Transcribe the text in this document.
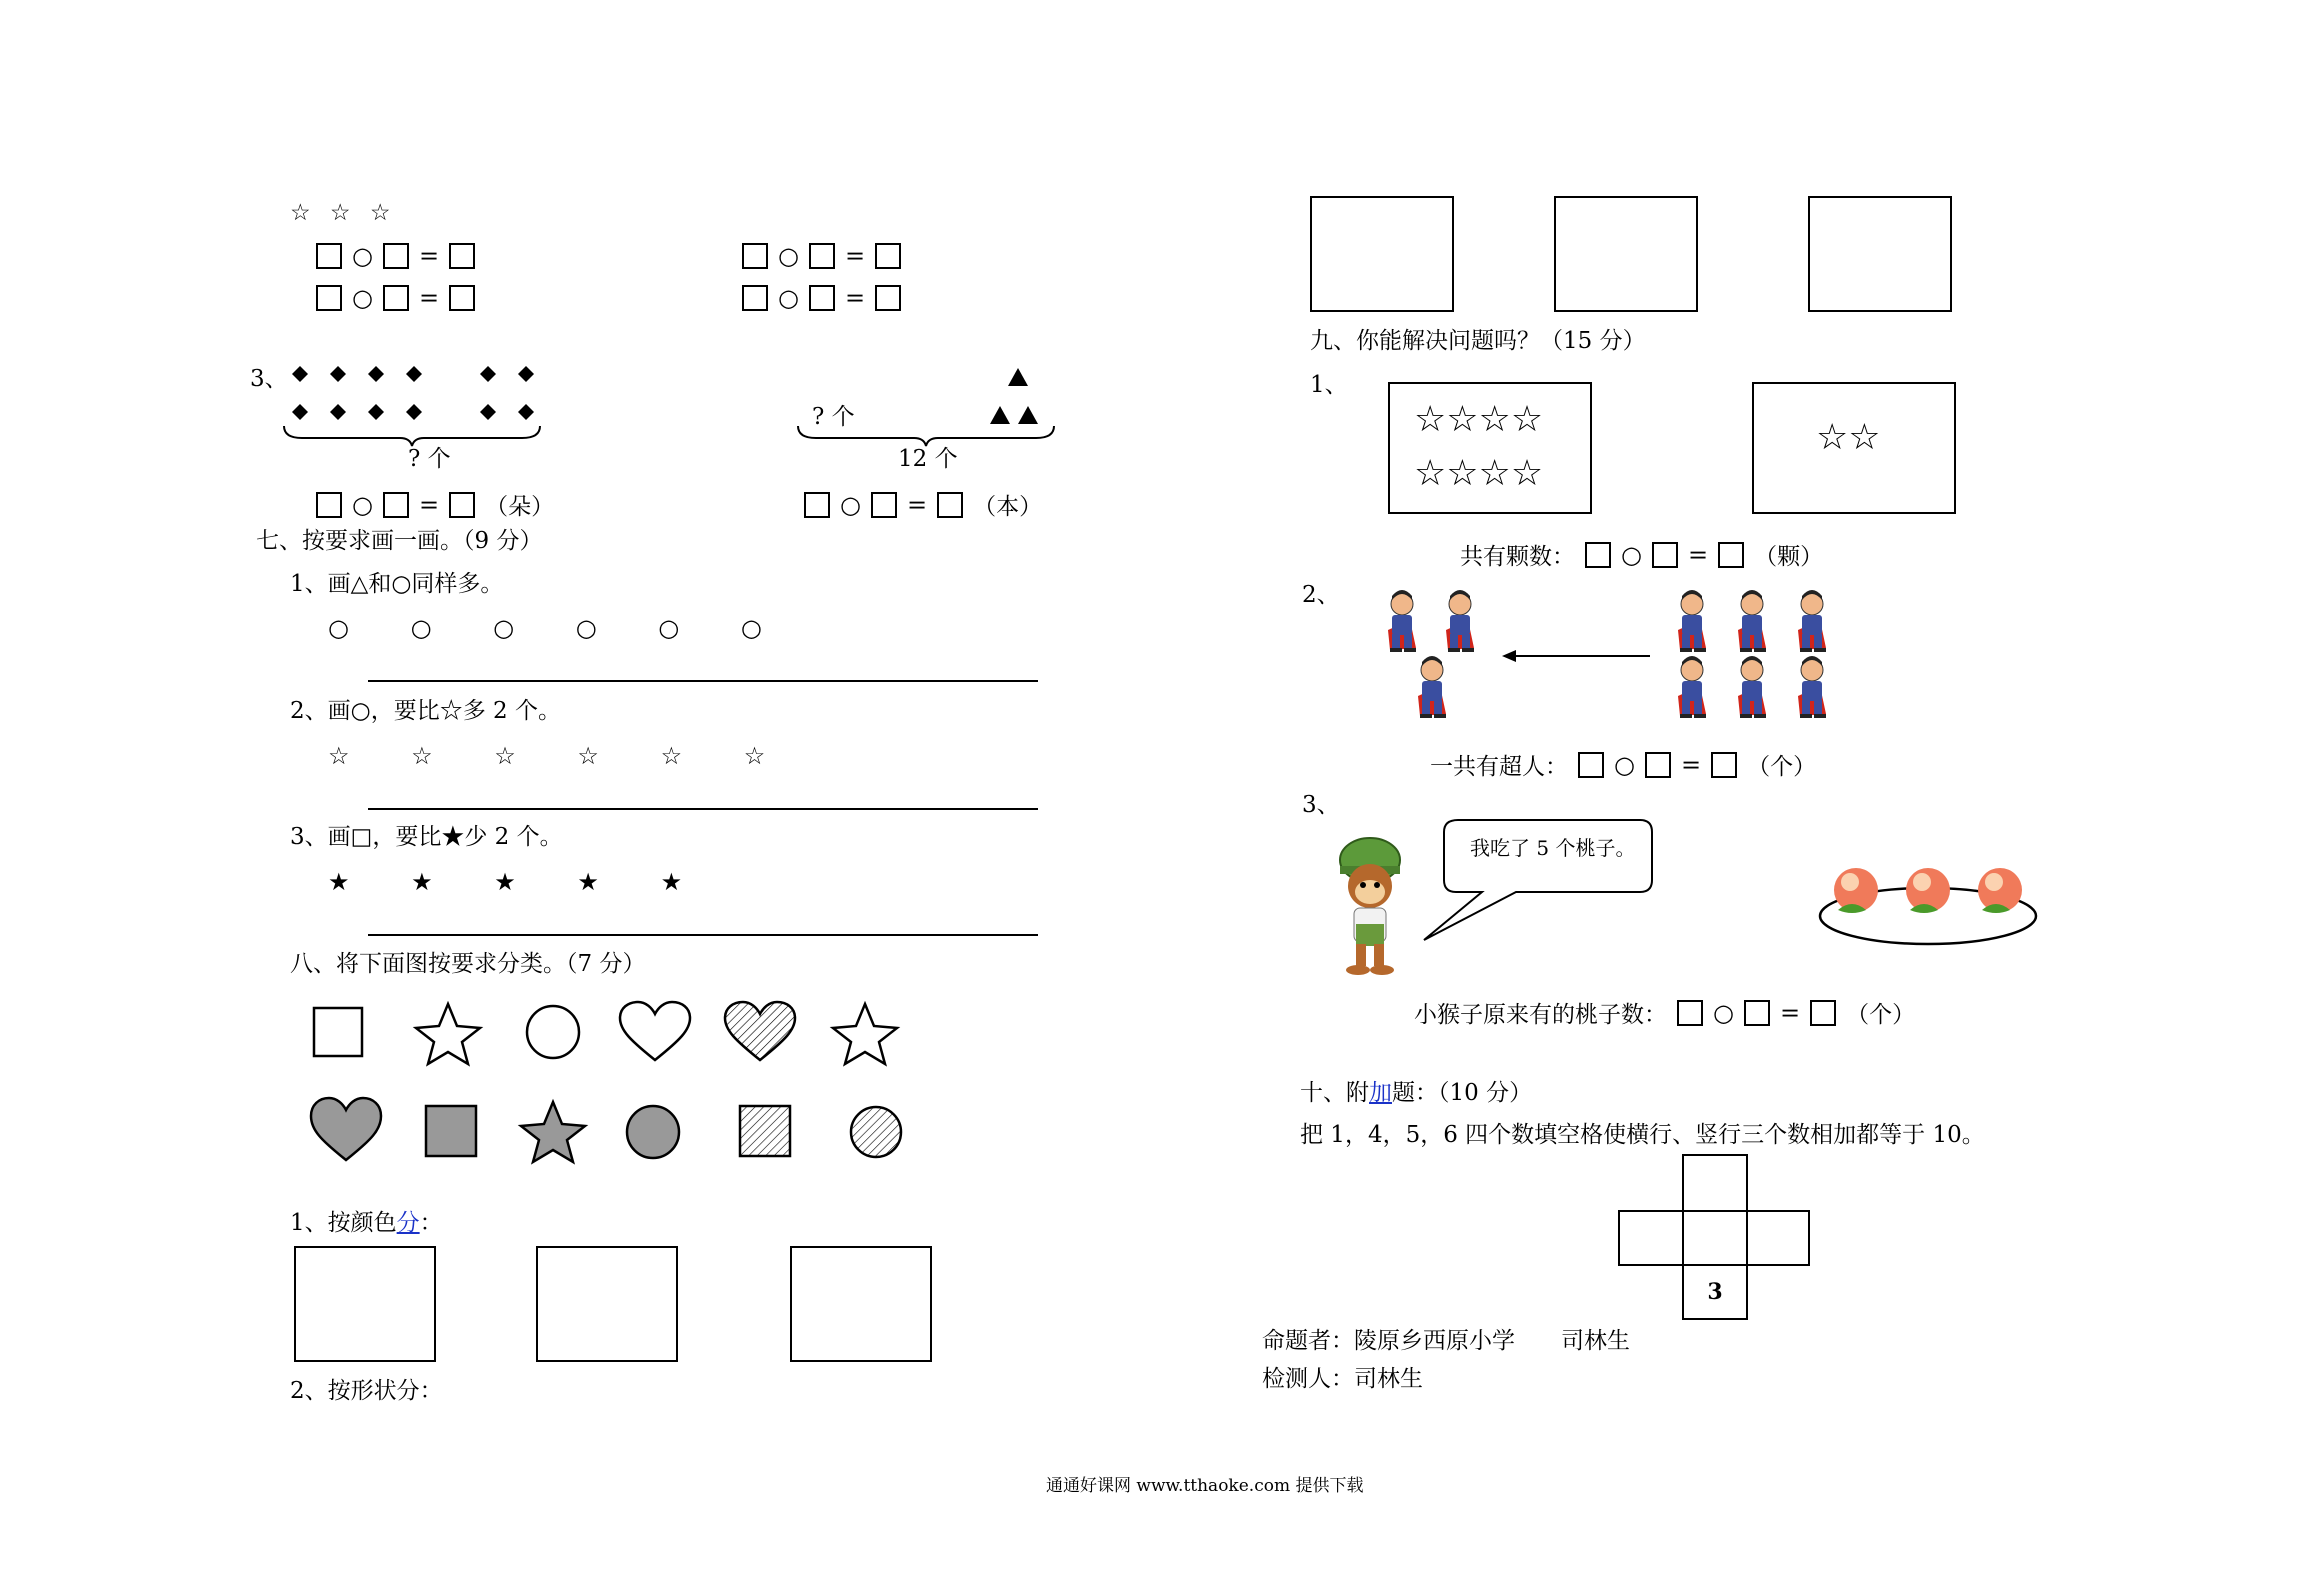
☆ ☆ ☆
○ =
○ =
○ =
○ =
3、
? 个
○ = （朵）
? 个
12 个
○ = （本）
七、按要求画一画。（9 分）
1、画△和○同样多。
○ ○ ○ ○ ○ ○
2、画○，要比☆多 2 个。
☆ ☆ ☆ ☆ ☆ ☆
3、画□，要比★少 2 个。
★ ★ ★ ★ ★
八、将下面图按要求分类。（7 分）
1、按颜色分：
2、按形状分：
九、你能解决问题吗？（15 分）
1、
☆☆☆☆
☆☆☆☆
☆☆
共有颗数： ○ = （颗）
2、
一共有超人： ○ = （个）
3、
我吃了 5 个桃子。
小猴子原来有的桃子数： ○ = （个）
十、附加题：（10 分）
把 1，4，5，6 四个数填空格使横行、竖行三个数相加都等于 10。
3
命题者：陵原乡西原小学　　司林生
检测人：司林生
通通好课网 www.tthaoke.com 提供下载
